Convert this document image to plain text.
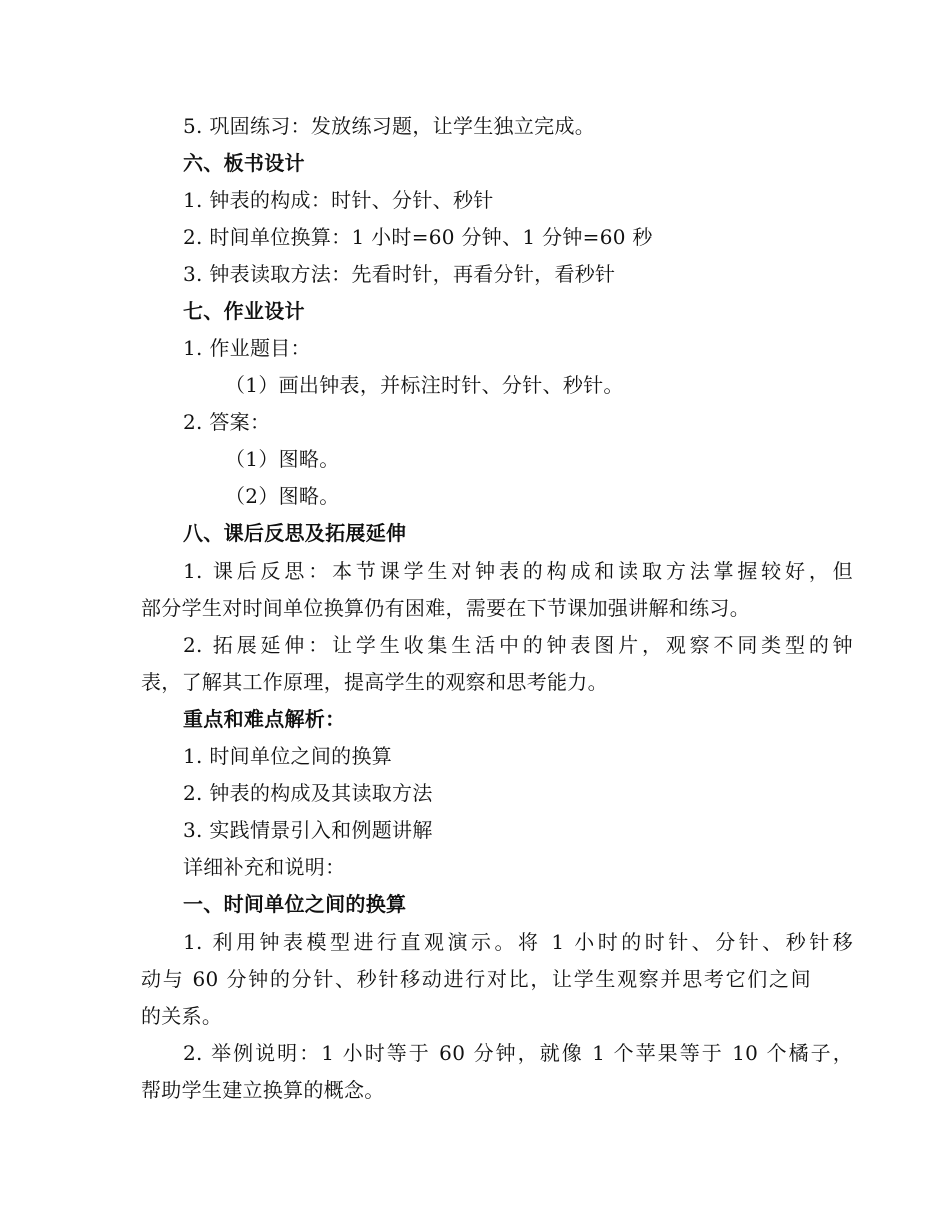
5. 巩固练习：发放练习题，让学生独立完成。
六、板书设计
1. 钟表的构成：时针、分针、秒针
2. 时间单位换算：1 小时=60 分钟、1 分钟=60 秒
3. 钟表读取方法：先看时针，再看分针，看秒针
七、作业设计
1. 作业题目：
（1）画出钟表，并标注时针、分针、秒针。
2. 答案：
（1）图略。
（2）图略。
八、课后反思及拓展延伸
1. 课后反思：本节课学生对钟表的构成和读取方法掌握较好，但
部分学生对时间单位换算仍有困难，需要在下节课加强讲解和练习。
2. 拓展延伸：让学生收集生活中的钟表图片，观察不同类型的钟
表，了解其工作原理，提高学生的观察和思考能力。
重点和难点解析：
1. 时间单位之间的换算
2. 钟表的构成及其读取方法
3. 实践情景引入和例题讲解
详细补充和说明：
一、时间单位之间的换算
1. 利用钟表模型进行直观演示。将 1 小时的时针、分针、秒针移
动与 60 分钟的分针、秒针移动进行对比，让学生观察并思考它们之间
的关系。
2. 举例说明：1 小时等于 60 分钟，就像 1 个苹果等于 10 个橘子，
帮助学生建立换算的概念。
